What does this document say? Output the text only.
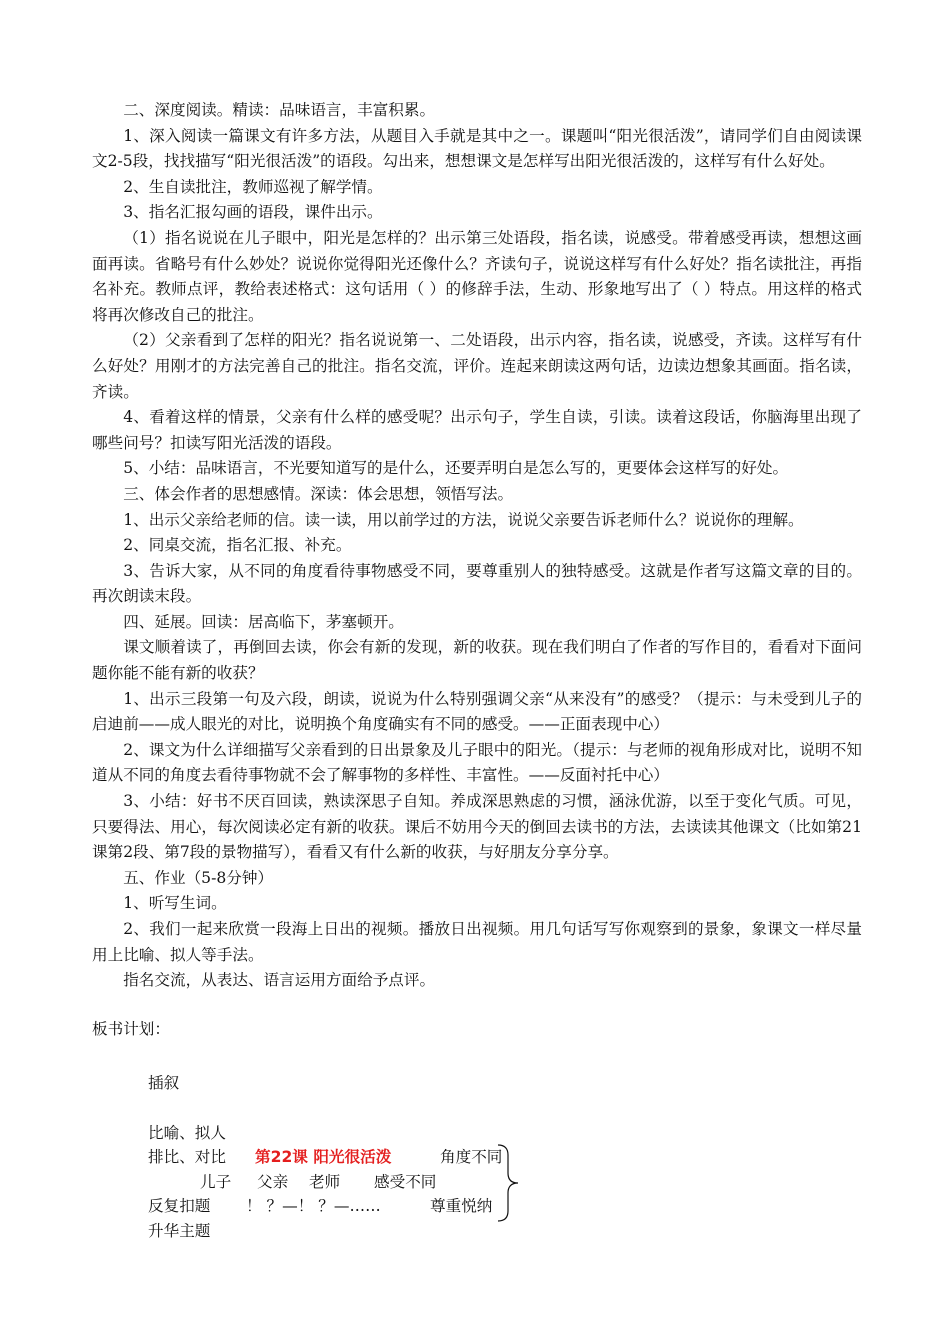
二、深度阅读。精读：品味语言，丰富积累。

1、深入阅读一篇课文有许多方法，从题目入手就是其中之一。课题叫“阳光很活泼”，请同学们自由阅读课文2-5段，找找描写“阳光很活泼”的语段。勾出来，想想课文是怎样写出阳光很活泼的，这样写有什么好处。

2、生自读批注，教师巡视了解学情。

3、指名汇报勾画的语段，课件出示。

（1）指名说说在儿子眼中，阳光是怎样的？出示第三处语段，指名读，说感受。带着感受再读，想想这画面再读。省略号有什么妙处？说说你觉得阳光还像什么？齐读句子，说说这样写有什么好处？指名读批注，再指名补充。教师点评，教给表述格式：这句话用（ ）的修辞手法，生动、形象地写出了（ ）特点。用这样的格式将再次修改自己的批注。

（2）父亲看到了怎样的阳光？指名说说第一、二处语段，出示内容，指名读，说感受，齐读。这样写有什么好处？用刚才的方法完善自己的批注。指名交流，评价。连起来朗读这两句话，边读边想象其画面。指名读，齐读。

4、看着这样的情景，父亲有什么样的感受呢？出示句子，学生自读，引读。读着这段话，你脑海里出现了哪些问号？扣读写阳光活泼的语段。

5、小结：品味语言，不光要知道写的是什么，还要弄明白是怎么写的，更要体会这样写的好处。

三、体会作者的思想感情。深读：体会思想，领悟写法。

1、出示父亲给老师的信。读一读，用以前学过的方法，说说父亲要告诉老师什么？说说你的理解。

2、同桌交流，指名汇报、补充。

3、告诉大家，从不同的角度看待事物感受不同，要尊重别人的独特感受。这就是作者写这篇文章的目的。再次朗读末段。

四、延展。回读：居高临下，茅塞顿开。

课文顺着读了，再倒回去读，你会有新的发现，新的收获。现在我们明白了作者的写作目的，看看对下面问题你能不能有新的收获？

1、出示三段第一句及六段，朗读，说说为什么特别强调父亲“从来没有”的感受？（提示：与未受到儿子的启迪前——成人眼光的对比，说明换个角度确实有不同的感受。——正面表现中心）

2、课文为什么详细描写父亲看到的日出景象及儿子眼中的阳光。（提示：与老师的视角形成对比，说明不知道从不同的角度去看待事物就不会了解事物的多样性、丰富性。——反面衬托中心）

3、小结：好书不厌百回读，熟读深思子自知。养成深思熟虑的习惯，涵泳优游，以至于变化气质。可见，只要得法、用心，每次阅读必定有新的收获。课后不妨用今天的倒回去读书的方法，去读读其他课文（比如第21课第2段、第7段的景物描写），看看又有什么新的收获，与好朋友分享分享。

五、作业（5-8分钟）

1、听写生词。

2、我们一起来欣赏一段海上日出的视频。播放日出视频。用几句话写写你观察到的景象，象课文一样尽量用上比喻、拟人等手法。

指名交流，从表达、语言运用方面给予点评。

板书计划：
插叙
比喻、拟人
排比、对比 第22课 阳光很活泼	角度不同
儿子 父亲 老师 感受不同
反复扣题 ！ ？—！ ？—……	尊重悦纳
升华主题
